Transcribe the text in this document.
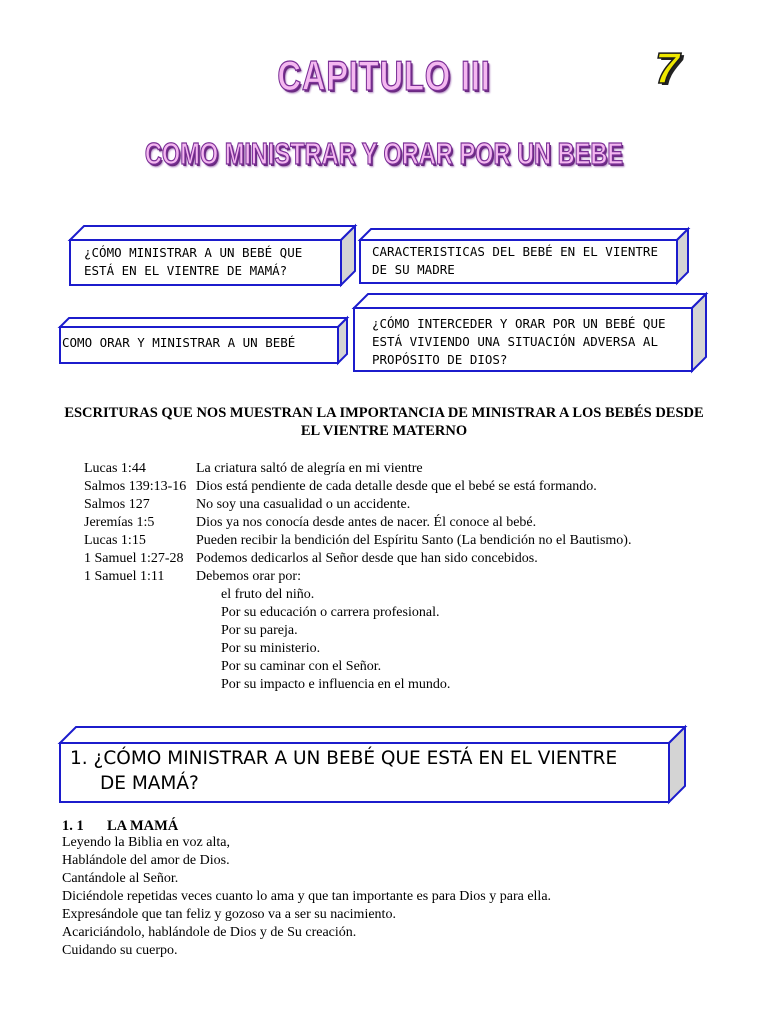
CAPITULO III
COMO MINISTRAR Y ORAR POR UN BEBE
7
¿CÓMO MINISTRAR A UN BEBÉ QUE ESTÁ EN EL VIENTRE DE MAMÁ?
CARACTERISTICAS DEL BEBÉ EN EL VIENTRE DE SU MADRE
COMO ORAR Y MINISTRAR A UN BEBÉ
¿CÓMO INTERCEDER Y ORAR POR UN BEBÉ QUE ESTÁ VIVIENDO UNA SITUACIÓN ADVERSA AL PROPÓSITO DE DIOS?
ESCRITURAS QUE NOS MUESTRAN LA IMPORTANCIA DE MINISTRAR A LOS BEBÉS DESDE EL VIENTRE MATERNO
Lucas 1:44	La criatura saltó de alegría en mi vientre
Salmos 139:13-16 Dios está pendiente de cada detalle desde que el bebé se está formando.
Salmos 127	No soy una casualidad o un accidente.
Jeremías 1:5	Dios ya nos conocía desde antes de nacer. Él conoce al bebé.
Lucas 1:15	Pueden recibir la bendición del Espíritu Santo (La bendición no el Bautismo).
1 Samuel 1:27-28 Podemos dedicarlos al Señor desde que han sido concebidos.
1 Samuel 1:11	Debemos orar por:
el fruto del niño.
Por su educación o carrera profesional.
Por su pareja.
Por su ministerio.
Por su caminar con el Señor.
Por su impacto e influencia en el mundo.
1. ¿CÓMO MINISTRAR A UN BEBÉ QUE ESTÁ EN EL VIENTRE
DE MAMÁ?
1. 1 LA MAMÁ
Leyendo la Biblia en voz alta,
Hablándole del amor de Dios.
Cantándole al Señor.
Diciéndole repetidas veces cuanto lo ama y que tan importante es para Dios y para ella.
Expresándole que tan feliz y gozoso va a ser su nacimiento.
Acariciándolo, hablándole de Dios y de Su creación.
Cuidando su cuerpo.
